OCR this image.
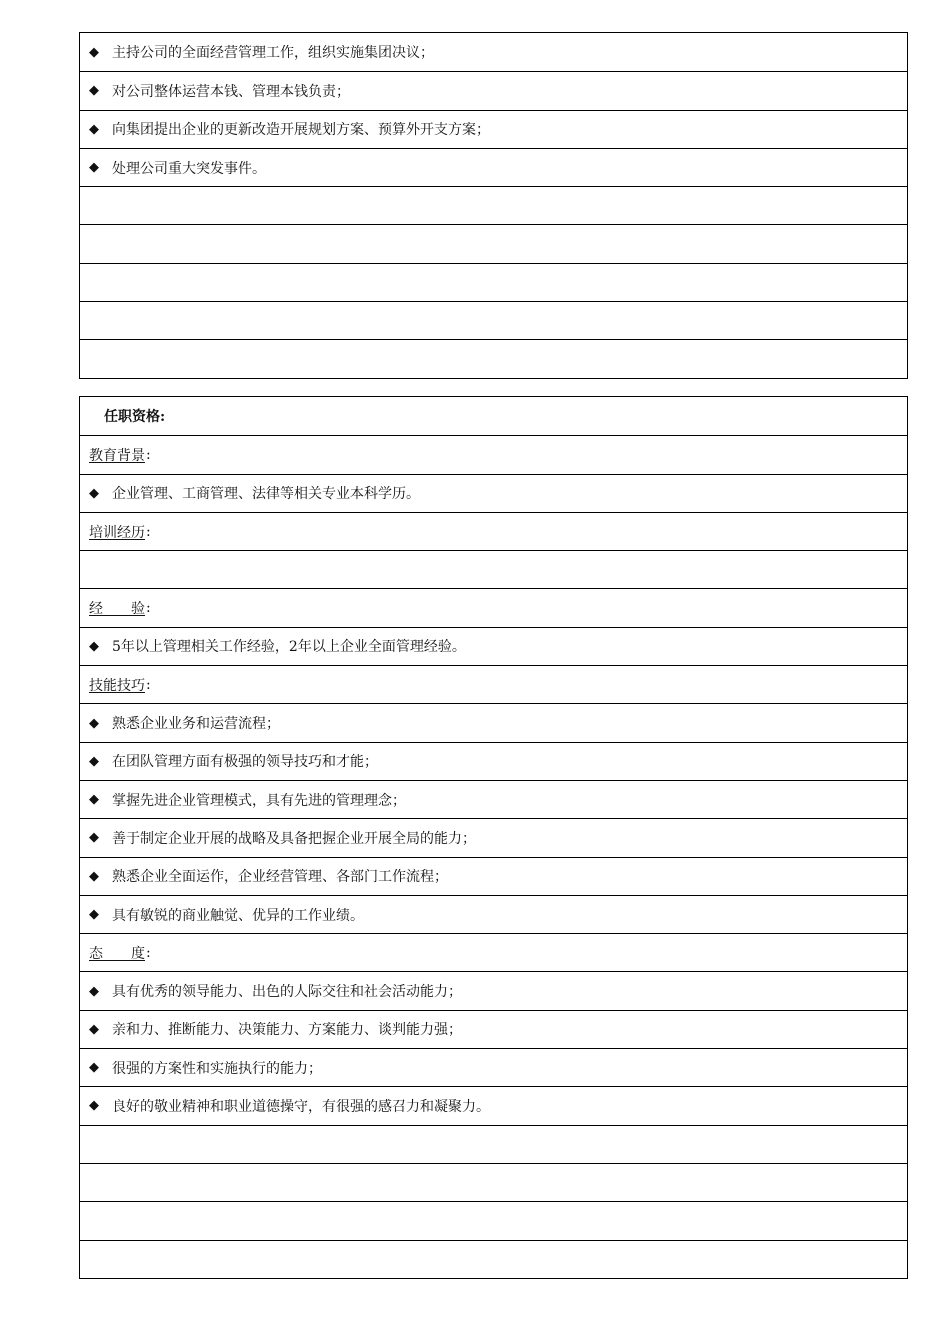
◆ 主持公司的全面经营管理工作，组织实施集团决议；
◆ 对公司整体运营本钱、管理本钱负责；
◆ 向集团提出企业的更新改造开展规划方案、预算外开支方案；
◆ 处理公司重大突发事件。
任职资格:
教育背景 :
◆ 企业管理、工商管理、法律等相关专业本科学历。
培训经历 :
经　　验 :
◆ 5年以上管理相关工作经验，2年以上企业全面管理经验。
技能技巧 :
◆ 熟悉企业业务和运营流程；
◆ 在团队管理方面有极强的领导技巧和才能；
◆ 掌握先进企业管理模式，具有先进的管理理念；
◆ 善于制定企业开展的战略及具备把握企业开展全局的能力；
◆ 熟悉企业全面运作，企业经营管理、各部门工作流程；
◆ 具有敏锐的商业触觉、优异的工作业绩。
态　　度 :
◆ 具有优秀的领导能力、出色的人际交往和社会活动能力；
◆ 亲和力、推断能力、决策能力、方案能力、谈判能力强；
◆ 很强的方案性和实施执行的能力；
◆ 良好的敬业精神和职业道德操守，有很强的感召力和凝聚力。
